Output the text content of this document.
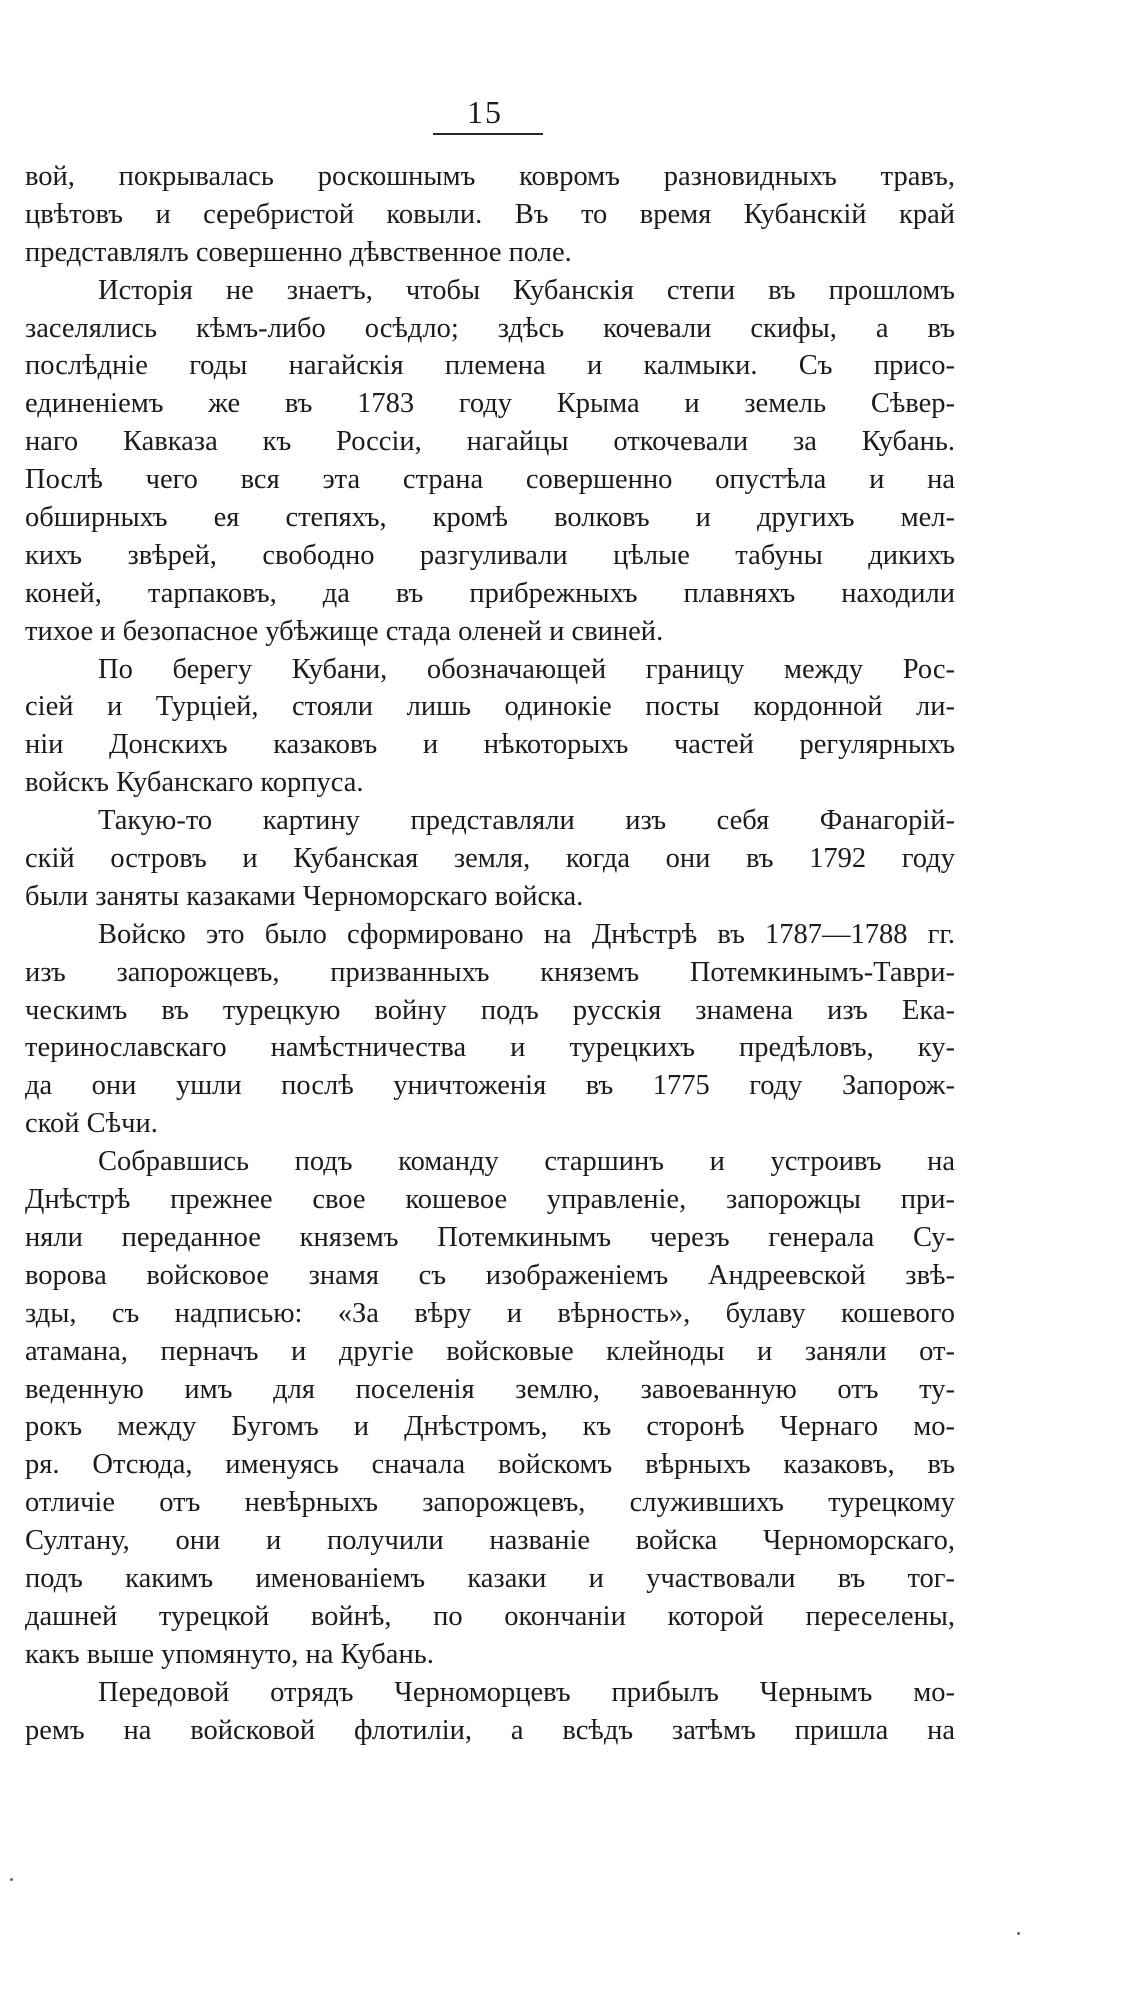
15
вой, покрывалась роскошнымъ ковромъ разновидныхъ травъ,
цвѣтовъ и серебристой ковыли. Въ то время Кубанскій край
представлялъ совершенно дѣвственное поле.
Исторія не знаетъ, чтобы Кубанскія степи въ прошломъ
заселялись кѣмъ-либо осѣдло; здѣсь кочевали скифы, а въ
послѣдніе годы нагайскія племена и калмыки. Съ присо-
единеніемъ же въ 1783 году Крыма и земель Сѣвер-
наго Кавказа къ Россіи, нагайцы откочевали за Кубань.
Послѣ чего вся эта страна совершенно опустѣла и на
обширныхъ ея степяхъ, кромѣ волковъ и другихъ мел-
кихъ звѣрей, свободно разгуливали цѣлые табуны дикихъ
коней, тарпаковъ, да въ прибрежныхъ плавняхъ находили
тихое и безопасное убѣжище стада оленей и свиней.
По берегу Кубани, обозначающей границу между Рос-
сіей и Турціей, стояли лишь одинокіе посты кордонной ли-
ніи Донскихъ казаковъ и нѣкоторыхъ частей регулярныхъ
войскъ Кубанскаго корпуса.
Такую-то картину представляли изъ себя Фанагорій-
скій островъ и Кубанская земля, когда они въ 1792 году
были заняты казаками Черноморскаго войска.
Войско это было сформировано на Днѣстрѣ въ 1787—1788 гг.
изъ запорожцевъ, призванныхъ княземъ Потемкинымъ-Таври-
ческимъ въ турецкую войну подъ русскія знамена изъ Ека-
теринославскаго намѣстничества и турецкихъ предѣловъ, ку-
да они ушли послѣ уничтоженія въ 1775 году Запорож-
ской Сѣчи.
Собравшись подъ команду старшинъ и устроивъ на
Днѣстрѣ прежнее свое кошевое управленіе, запорожцы при-
няли переданное княземъ Потемкинымъ черезъ генерала Су-
ворова войсковое знамя съ изображеніемъ Андреевской звѣ-
зды, съ надписью: «За вѣру и вѣрность», булаву кошевого
атамана, перначъ и другіе войсковые клейноды и заняли от-
веденную имъ для поселенія землю, завоеванную отъ ту-
рокъ между Бугомъ и Днѣстромъ, къ сторонѣ Чернаго мо-
ря. Отсюда, именуясь сначала войскомъ вѣрныхъ казаковъ, въ
отличіе отъ невѣрныхъ запорожцевъ, служившихъ турецкому
Султану, они и получили названіе войска Черноморскаго,
подъ какимъ именованіемъ казаки и участвовали въ тог-
дашней турецкой войнѣ, по окончаніи которой переселены,
какъ выше упомянуто, на Кубань.
Передовой отрядъ Черноморцевъ прибылъ Чернымъ мо-
ремъ на войсковой флотиліи, а всѣдъ затѣмъ пришла на
